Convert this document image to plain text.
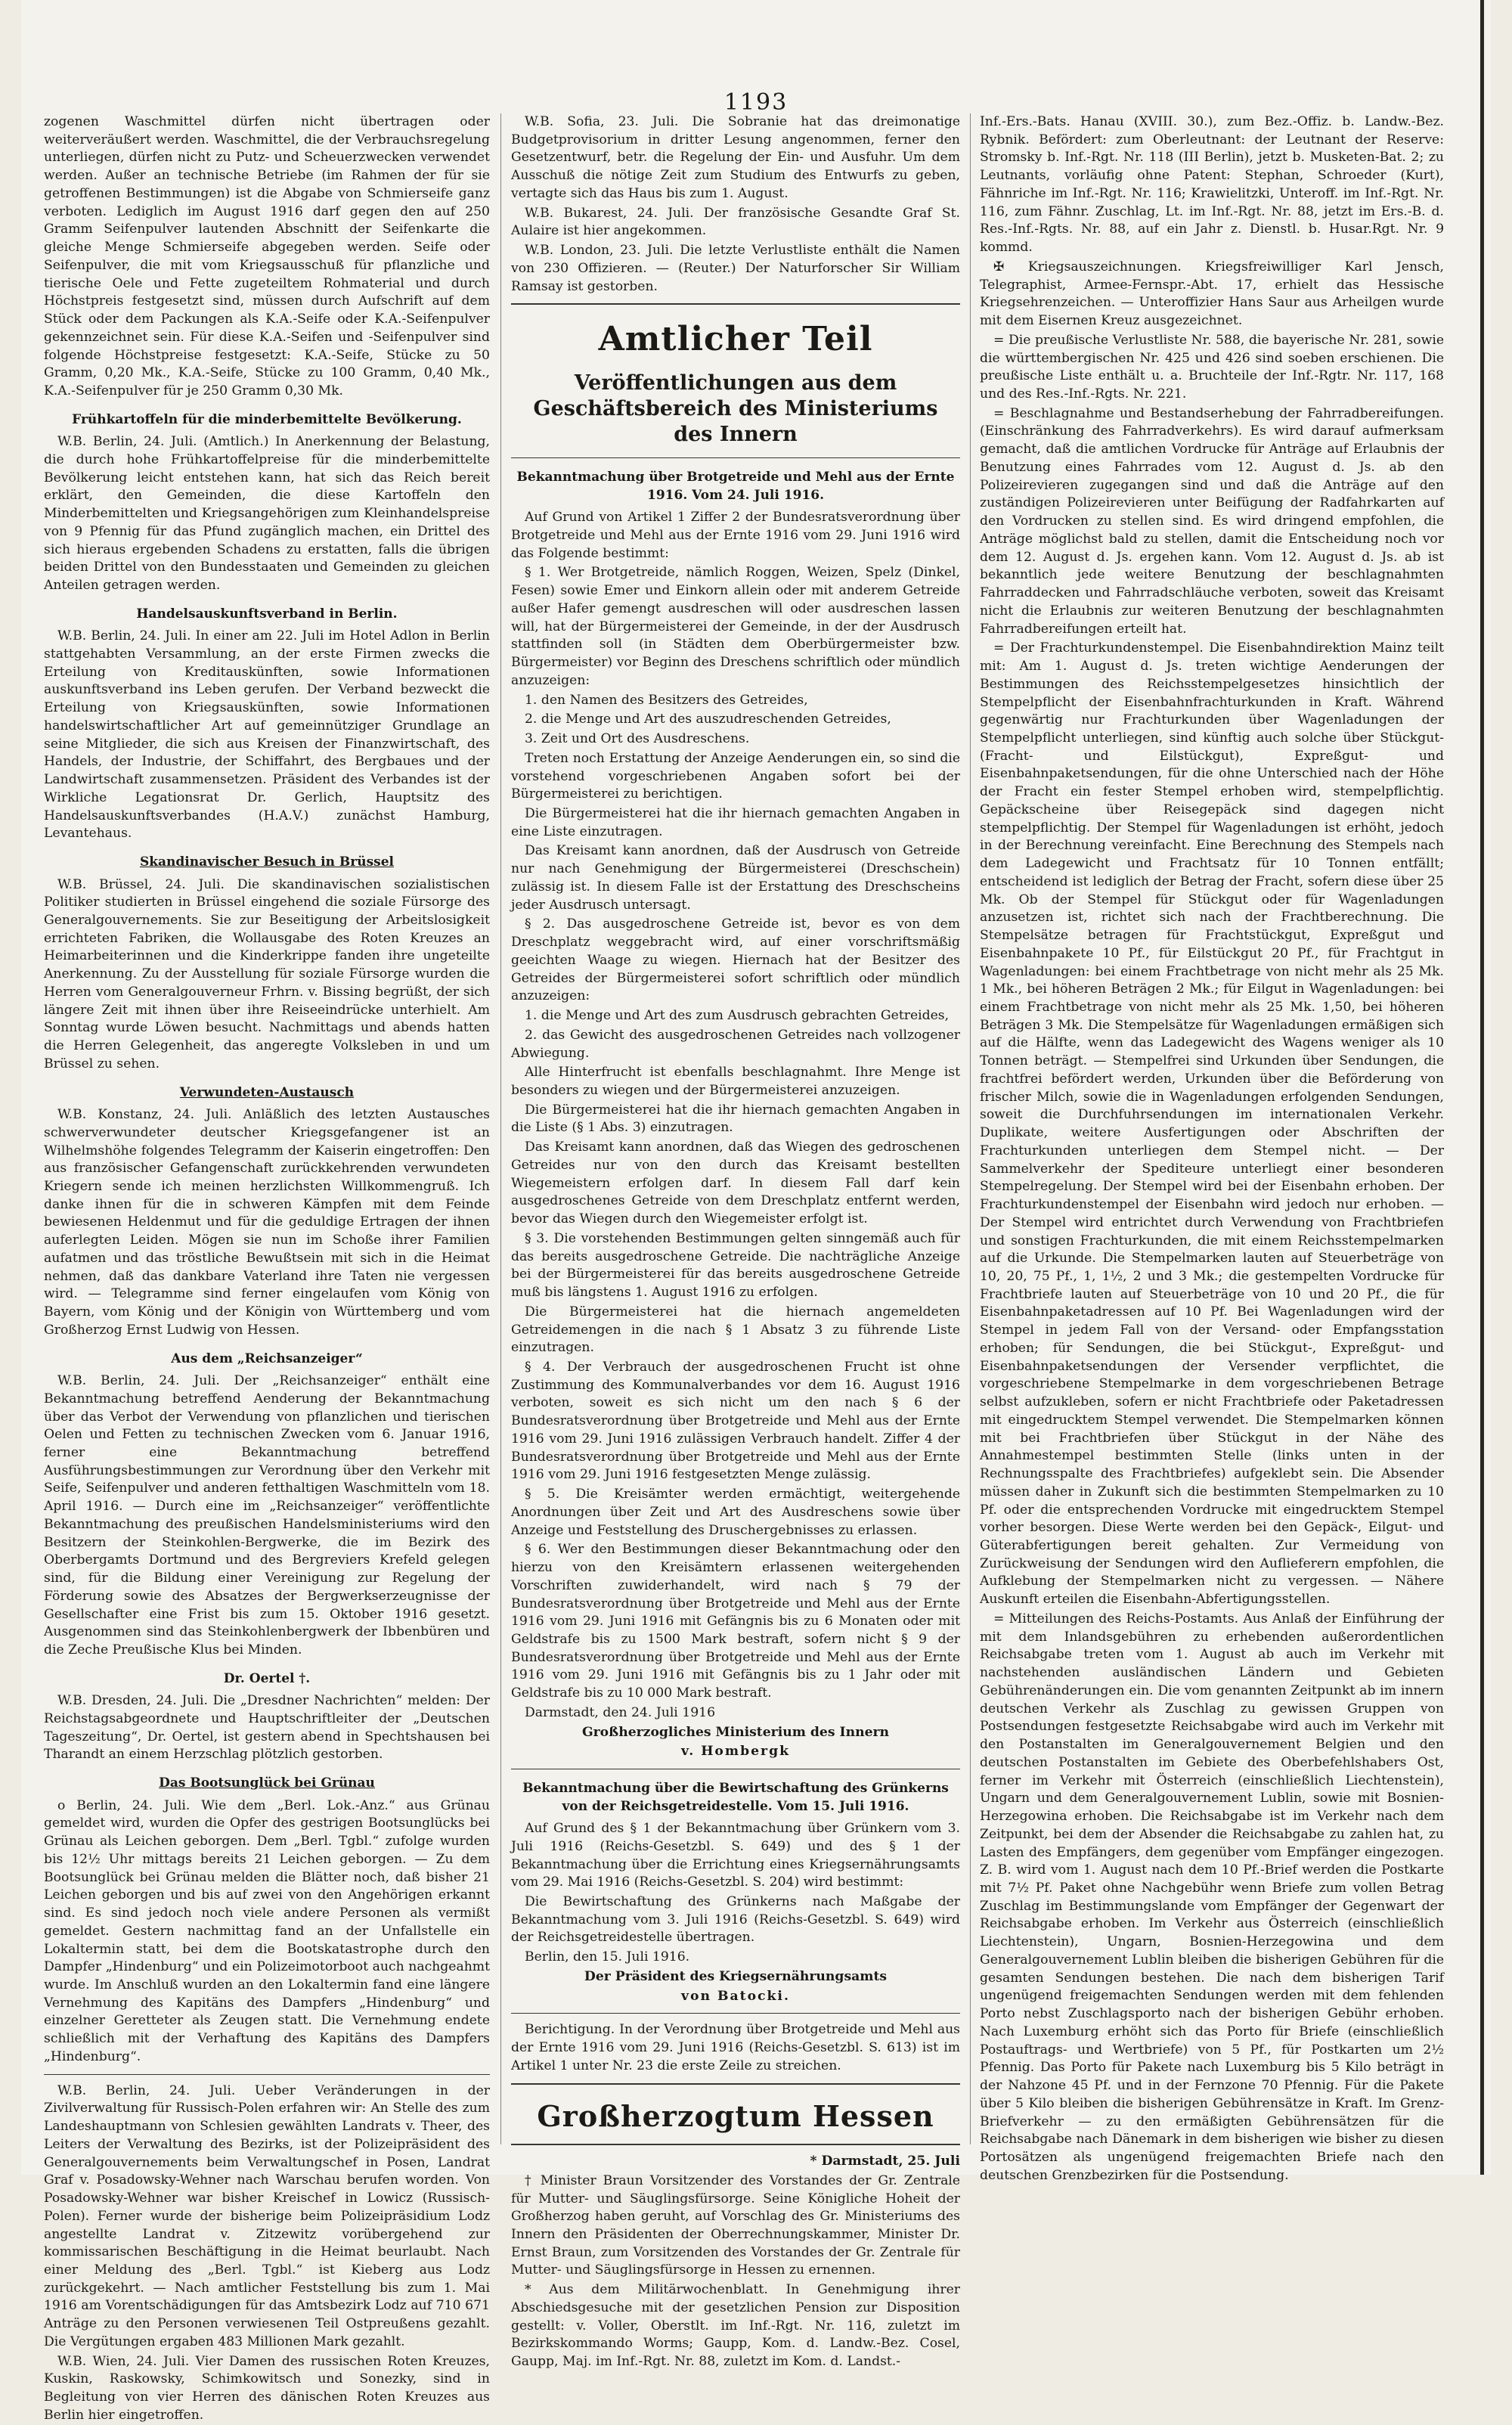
1193

zogenen Waschmittel dürfen nicht übertragen oder weiterveräußert werden. Waschmittel, die der Verbrauchsregelung unterliegen, dürfen nicht zu Putz- und Scheuerzwecken verwendet werden. Außer an technische Betriebe (im Rahmen der für sie getroffenen Bestimmungen) ist die Abgabe von Schmierseife ganz verboten. Lediglich im August 1916 darf gegen den auf 250 Gramm Seifenpulver lautenden Abschnitt der Seifenkarte die gleiche Menge Schmierseife abgegeben werden. Seife oder Seifenpulver, die mit vom Kriegsausschuß für pflanzliche und tierische Oele und Fette zugeteiltem Rohmaterial und durch Höchstpreis festgesetzt sind, müssen durch Aufschrift auf dem Stück oder dem Packungen als K.A.-Seife oder K.A.-Seifenpulver gekennzeichnet sein. Für diese K.A.-Seifen und -Seifenpulver sind folgende Höchstpreise festgesetzt: K.A.-Seife, Stücke zu 50 Gramm, 0,20 Mk., K.A.-Seife, Stücke zu 100 Gramm, 0,40 Mk., K.A.-Seifenpulver für je 250 Gramm 0,30 Mk.

Frühkartoffeln für die minderbemittelte Bevölkerung.

W.B. Berlin, 24. Juli. (Amtlich.) In Anerkennung der Belastung, die durch hohe Frühkartoffelpreise für die minderbemittelte Bevölkerung leicht entstehen kann, hat sich das Reich bereit erklärt, den Gemeinden, die diese Kartoffeln den Minderbemittelten und Kriegsangehörigen zum Kleinhandelspreise von 9 Pfennig für das Pfund zugänglich machen, ein Drittel des sich hieraus ergebenden Schadens zu erstatten, falls die übrigen beiden Drittel von den Bundesstaaten und Gemeinden zu gleichen Anteilen getragen werden.

Handelsauskunftsverband in Berlin.

W.B. Berlin, 24. Juli. In einer am 22. Juli im Hotel Adlon in Berlin stattgehabten Versammlung, an der erste Firmen zwecks die Erteilung von Kreditauskünften, sowie Informationen auskunftsverband ins Leben gerufen. Der Verband bezweckt die Erteilung von Kriegsauskünften, sowie Informationen handelswirtschaftlicher Art auf gemeinnütziger Grundlage an seine Mitglieder, die sich aus Kreisen der Finanzwirtschaft, des Handels, der Industrie, der Schiffahrt, des Bergbaues und der Landwirtschaft zusammensetzen. Präsident des Verbandes ist der Wirkliche Legationsrat Dr. Gerlich, Hauptsitz des Handelsauskunftsverbandes (H.A.V.) zunächst Hamburg, Levantehaus.

Skandinavischer Besuch in Brüssel

W.B. Brüssel, 24. Juli. Die skandinavischen sozialistischen Politiker studierten in Brüssel eingehend die soziale Fürsorge des Generalgouvernements. Sie zur Beseitigung der Arbeitslosigkeit errichteten Fabriken, die Wollausgabe des Roten Kreuzes an Heimarbeiterinnen und die Kinderkrippe fanden ihre ungeteilte Anerkennung. Zu der Ausstellung für soziale Fürsorge wurden die Herren vom Generalgouverneur Frhrn. v. Bissing begrüßt, der sich längere Zeit mit ihnen über ihre Reiseeindrücke unterhielt. Am Sonntag wurde Löwen besucht. Nachmittags und abends hatten die Herren Gelegenheit, das angeregte Volksleben in und um Brüssel zu sehen.

Verwundeten-Austausch

W.B. Konstanz, 24. Juli. Anläßlich des letzten Austausches schwerverwundeter deutscher Kriegsgefangener ist an Wilhelmshöhe folgendes Telegramm der Kaiserin eingetroffen: Den aus französischer Gefangenschaft zurückkehrenden verwundeten Kriegern sende ich meinen herzlichsten Willkommengruß. Ich danke ihnen für die in schweren Kämpfen mit dem Feinde bewiesenen Heldenmut und für die geduldige Ertragen der ihnen auferlegten Leiden. Mögen sie nun im Schoße ihrer Familien aufatmen und das tröstliche Bewußtsein mit sich in die Heimat nehmen, daß das dankbare Vaterland ihre Taten nie vergessen wird. — Telegramme sind ferner eingelaufen vom König von Bayern, vom König und der Königin von Württemberg und vom Großherzog Ernst Ludwig von Hessen.

Aus dem „Reichsanzeiger“

W.B. Berlin, 24. Juli. Der „Reichsanzeiger“ enthält eine Bekanntmachung betreffend Aenderung der Bekanntmachung über das Verbot der Verwendung von pflanzlichen und tierischen Oelen und Fetten zu technischen Zwecken vom 6. Januar 1916, ferner eine Bekanntmachung betreffend Ausführungsbestimmungen zur Verordnung über den Verkehr mit Seife, Seifenpulver und anderen fetthaltigen Waschmitteln vom 18. April 1916. — Durch eine im „Reichsanzeiger“ veröffentlichte Bekanntmachung des preußischen Handelsministeriums wird den Besitzern der Steinkohlen-Bergwerke, die im Bezirk des Oberbergamts Dortmund und des Bergreviers Krefeld gelegen sind, für die Bildung einer Vereinigung zur Regelung der Förderung sowie des Absatzes der Bergwerkserzeugnisse der Gesellschafter eine Frist bis zum 15. Oktober 1916 gesetzt. Ausgenommen sind das Steinkohlenbergwerk der Ibbenbüren und die Zeche Preußische Klus bei Minden.

Dr. Oertel †.

W.B. Dresden, 24. Juli. Die „Dresdner Nachrichten“ melden: Der Reichstagsabgeordnete und Hauptschriftleiter der „Deutschen Tageszeitung“, Dr. Oertel, ist gestern abend in Spechtshausen bei Tharandt an einem Herzschlag plötzlich gestorben.

Das Bootsunglück bei Grünau

o Berlin, 24. Juli. Wie dem „Berl. Lok.-Anz.“ aus Grünau gemeldet wird, wurden die Opfer des gestrigen Bootsunglücks bei Grünau als Leichen geborgen. Dem „Berl. Tgbl.“ zufolge wurden bis 12½ Uhr mittags bereits 21 Leichen geborgen. — Zu dem Bootsunglück bei Grünau melden die Blätter noch, daß bisher 21 Leichen geborgen und bis auf zwei von den Angehörigen erkannt sind. Es sind jedoch noch viele andere Personen als vermißt gemeldet. Gestern nachmittag fand an der Unfallstelle ein Lokaltermin statt, bei dem die Bootskatastrophe durch den Dampfer „Hindenburg“ und ein Polizeimotorboot auch nachgeahmt wurde. Im Anschluß wurden an den Lokaltermin fand eine längere Vernehmung des Kapitäns des Dampfers „Hindenburg“ und einzelner Geretteter als Zeugen statt. Die Vernehmung endete schließlich mit der Verhaftung des Kapitäns des Dampfers „Hindenburg“.

W.B. Berlin, 24. Juli. Ueber Veränderungen in der Zivilverwaltung für Russisch-Polen erfahren wir: An Stelle des zum Landeshauptmann von Schlesien gewählten Landrats v. Theer, des Leiters der Verwaltung des Bezirks, ist der Polizeipräsident des Generalgouvernements beim Verwaltungschef in Posen, Landrat Graf v. Posadowsky-Wehner nach Warschau berufen worden. Von Posadowsky-Wehner war bisher Kreischef in Lowicz (Russisch-Polen). Ferner wurde der bisherige beim Polizeipräsidium Lodz angestellte Landrat v. Zitzewitz vorübergehend zur kommissarischen Beschäftigung in die Heimat beurlaubt. Nach einer Meldung des „Berl. Tgbl.“ ist Kieberg aus Lodz zurückgekehrt. — Nach amtlicher Feststellung bis zum 1. Mai 1916 am Vorentschädigungen für das Amtsbezirk Lodz auf 710 671 Anträge zu den Personen verwiesenen Teil Ostpreußens gezahlt. Die Vergütungen ergaben 483 Millionen Mark gezahlt.

W.B. Wien, 24. Juli. Vier Damen des russischen Roten Kreuzes, Kuskin, Raskowsky, Schimkowitsch und Sonezky, sind in Begleitung von vier Herren des dänischen Roten Kreuzes aus Berlin hier eingetroffen.

W.B. Sofia, 23. Juli. Die Sobranie hat das dreimonatige Budgetprovisorium in dritter Lesung angenommen, ferner den Gesetzentwurf, betr. die Regelung der Ein- und Ausfuhr. Um dem Ausschuß die nötige Zeit zum Studium des Entwurfs zu geben, vertagte sich das Haus bis zum 1. August.

W.B. Bukarest, 24. Juli. Der französische Gesandte Graf St. Aulaire ist hier angekommen.

W.B. London, 23. Juli. Die letzte Verlustliste enthält die Namen von 230 Offizieren. — (Reuter.) Der Naturforscher Sir William Ramsay ist gestorben.

Amtlicher Teil
Veröffentlichungen aus dem Geschäftsbereich des Ministeriums des Innern

Bekanntmachung über Brotgetreide und Mehl aus der Ernte 1916. Vom 24. Juli 1916.

Auf Grund von Artikel 1 Ziffer 2 der Bundesratsverordnung über Brotgetreide und Mehl aus der Ernte 1916 vom 29. Juni 1916 wird das Folgende bestimmt:

§ 1. Wer Brotgetreide, nämlich Roggen, Weizen, Spelz (Dinkel, Fesen) sowie Emer und Einkorn allein oder mit anderem Getreide außer Hafer gemengt ausdreschen will oder ausdreschen lassen will, hat der Bürgermeisterei der Gemeinde, in der der Ausdrusch stattfinden soll (in Städten dem Oberbürgermeister bzw. Bürgermeister) vor Beginn des Dreschens schriftlich oder mündlich anzuzeigen:

1. den Namen des Besitzers des Getreides,

2. die Menge und Art des auszudreschenden Getreides,

3. Zeit und Ort des Ausdreschens.

Treten noch Erstattung der Anzeige Aenderungen ein, so sind die vorstehend vorgeschriebenen Angaben sofort bei der Bürgermeisterei zu berichtigen.

Die Bürgermeisterei hat die ihr hiernach gemachten Angaben in eine Liste einzutragen.

Das Kreisamt kann anordnen, daß der Ausdrusch von Getreide nur nach Genehmigung der Bürgermeisterei (Dreschschein) zulässig ist. In diesem Falle ist der Erstattung des Dreschscheins jeder Ausdrusch untersagt.

§ 2. Das ausgedroschene Getreide ist, bevor es von dem Dreschplatz weggebracht wird, auf einer vorschriftsmäßig geeichten Waage zu wiegen. Hiernach hat der Besitzer des Getreides der Bürgermeisterei sofort schriftlich oder mündlich anzuzeigen:

1. die Menge und Art des zum Ausdrusch gebrachten Getreides,

2. das Gewicht des ausgedroschenen Getreides nach vollzogener Abwiegung.

Alle Hinterfrucht ist ebenfalls beschlagnahmt. Ihre Menge ist besonders zu wiegen und der Bürgermeisterei anzuzeigen.

Die Bürgermeisterei hat die ihr hiernach gemachten Angaben in die Liste (§ 1 Abs. 3) einzutragen.

Das Kreisamt kann anordnen, daß das Wiegen des gedroschenen Getreides nur von den durch das Kreisamt bestellten Wiegemeistern erfolgen darf. In diesem Fall darf kein ausgedroschenes Getreide von dem Dreschplatz entfernt werden, bevor das Wiegen durch den Wiegemeister erfolgt ist.

§ 3. Die vorstehenden Bestimmungen gelten sinngemäß auch für das bereits ausgedroschene Getreide. Die nachträgliche Anzeige bei der Bürgermeisterei für das bereits ausgedroschene Getreide muß bis längstens 1. August 1916 zu erfolgen.

Die Bürgermeisterei hat die hiernach angemeldeten Getreidemengen in die nach § 1 Absatz 3 zu führende Liste einzutragen.

§ 4. Der Verbrauch der ausgedroschenen Frucht ist ohne Zustimmung des Kommunalverbandes vor dem 16. August 1916 verboten, soweit es sich nicht um den nach § 6 der Bundesratsverordnung über Brotgetreide und Mehl aus der Ernte 1916 vom 29. Juni 1916 zulässigen Verbrauch handelt. Ziffer 4 der Bundesratsverordnung über Brotgetreide und Mehl aus der Ernte 1916 vom 29. Juni 1916 festgesetzten Menge zulässig.

§ 5. Die Kreisämter werden ermächtigt, weitergehende Anordnungen über Zeit und Art des Ausdreschens sowie über Anzeige und Feststellung des Druschergebnisses zu erlassen.

§ 6. Wer den Bestimmungen dieser Bekanntmachung oder den hierzu von den Kreisämtern erlassenen weitergehenden Vorschriften zuwiderhandelt, wird nach § 79 der Bundesratsverordnung über Brotgetreide und Mehl aus der Ernte 1916 vom 29. Juni 1916 mit Gefängnis bis zu 6 Monaten oder mit Geldstrafe bis zu 1500 Mark bestraft, sofern nicht § 9 der Bundesratsverordnung über Brotgetreide und Mehl aus der Ernte 1916 vom 29. Juni 1916 mit Gefängnis bis zu 1 Jahr oder mit Geldstrafe bis zu 10 000 Mark bestraft.

Darmstadt, den 24. Juli 1916

Großherzogliches Ministerium des Innern

v. Hombergk

Bekanntmachung über die Bewirtschaftung des Grünkerns von der Reichsgetreidestelle. Vom 15. Juli 1916.

Auf Grund des § 1 der Bekanntmachung über Grünkern vom 3. Juli 1916 (Reichs-Gesetzbl. S. 649) und des § 1 der Bekanntmachung über die Errichtung eines Kriegsernährungsamts vom 29. Mai 1916 (Reichs-Gesetzbl. S. 204) wird bestimmt:

Die Bewirtschaftung des Grünkerns nach Maßgabe der Bekanntmachung vom 3. Juli 1916 (Reichs-Gesetzbl. S. 649) wird der Reichsgetreidestelle übertragen.

Berlin, den 15. Juli 1916.

Der Präsident des Kriegsernährungsamts

von Batocki.

Berichtigung. In der Verordnung über Brotgetreide und Mehl aus der Ernte 1916 vom 29. Juni 1916 (Reichs-Gesetzbl. S. 613) ist im Artikel 1 unter Nr. 23 die erste Zeile zu streichen.

Großherzogtum Hessen

* Darmstadt, 25. Juli

† Minister Braun Vorsitzender des Vorstandes der Gr. Zentrale für Mutter- und Säuglingsfürsorge. Seine Königliche Hoheit der Großherzog haben geruht, auf Vorschlag des Gr. Ministeriums des Innern den Präsidenten der Oberrechnungskammer, Minister Dr. Ernst Braun, zum Vorsitzenden des Vorstandes der Gr. Zentrale für Mutter- und Säuglingsfürsorge in Hessen zu ernennen.

* Aus dem Militärwochenblatt. In Genehmigung ihrer Abschiedsgesuche mit der gesetzlichen Pension zur Disposition gestellt: v. Voller, Oberstlt. im Inf.-Rgt. Nr. 116, zuletzt im Bezirkskommando Worms; Gaupp, Kom. d. Landw.-Bez. Cosel, Gaupp, Maj. im Inf.-Rgt. Nr. 88, zuletzt im Kom. d. Landst.-

Inf.-Ers.-Bats. Hanau (XVIII. 30.), zum Bez.-Offiz. b. Landw.-Bez. Rybnik. Befördert: zum Oberleutnant: der Leutnant der Reserve: Stromsky b. Inf.-Rgt. Nr. 118 (III Berlin), jetzt b. Musketen-Bat. 2; zu Leutnants, vorläufig ohne Patent: Stephan, Schroeder (Kurt), Fähnriche im Inf.-Rgt. Nr. 116; Krawielitzki, Unteroff. im Inf.-Rgt. Nr. 116, zum Fähnr. Zuschlag, Lt. im Inf.-Rgt. Nr. 88, jetzt im Ers.-B. d. Res.-Inf.-Rgts. Nr. 88, auf ein Jahr z. Dienstl. b. Husar.Rgt. Nr. 9 kommd.

✠ Kriegsauszeichnungen. Kriegsfreiwilliger Karl Jensch, Telegraphist, Armee-Fernspr.-Abt. 17, erhielt das Hessische Kriegsehrenzeichen. — Unteroffizier Hans Saur aus Arheilgen wurde mit dem Eisernen Kreuz ausgezeichnet.

= Die preußische Verlustliste Nr. 588, die bayerische Nr. 281, sowie die württembergischen Nr. 425 und 426 sind soeben erschienen. Die preußische Liste enthält u. a. Bruchteile der Inf.-Rgtr. Nr. 117, 168 und des Res.-Inf.-Rgts. Nr. 221.

= Beschlagnahme und Bestandserhebung der Fahrradbereifungen. (Einschränkung des Fahrradverkehrs). Es wird darauf aufmerksam gemacht, daß die amtlichen Vordrucke für Anträge auf Erlaubnis der Benutzung eines Fahrrades vom 12. August d. Js. ab den Polizeirevieren zugegangen sind und daß die Anträge auf den zuständigen Polizeirevieren unter Beifügung der Radfahrkarten auf den Vordrucken zu stellen sind. Es wird dringend empfohlen, die Anträge möglichst bald zu stellen, damit die Entscheidung noch vor dem 12. August d. Js. ergehen kann. Vom 12. August d. Js. ab ist bekanntlich jede weitere Benutzung der beschlagnahmten Fahrraddecken und Fahrradschläuche verboten, soweit das Kreisamt nicht die Erlaubnis zur weiteren Benutzung der beschlagnahmten Fahrradbereifungen erteilt hat.

= Der Frachturkundenstempel. Die Eisenbahndirektion Mainz teilt mit: Am 1. August d. Js. treten wichtige Aenderungen der Bestimmungen des Reichsstempelgesetzes hinsichtlich der Stempelpflicht der Eisenbahnfrachturkunden in Kraft. Während gegenwärtig nur Frachturkunden über Wagenladungen der Stempelpflicht unterliegen, sind künftig auch solche über Stückgut- (Fracht- und Eilstückgut), Expreßgut- und Eisenbahnpaketsendungen, für die ohne Unterschied nach der Höhe der Fracht ein fester Stempel erhoben wird, stempelpflichtig. Gepäckscheine über Reisegepäck sind dagegen nicht stempelpflichtig. Der Stempel für Wagenladungen ist erhöht, jedoch in der Berechnung vereinfacht. Eine Berechnung des Stempels nach dem Ladegewicht und Frachtsatz für 10 Tonnen entfällt; entscheidend ist lediglich der Betrag der Fracht, sofern diese über 25 Mk. Ob der Stempel für Stückgut oder für Wagenladungen anzusetzen ist, richtet sich nach der Frachtberechnung. Die Stempelsätze betragen für Frachtstückgut, Expreßgut und Eisenbahnpakete 10 Pf., für Eilstückgut 20 Pf., für Frachtgut in Wagenladungen: bei einem Frachtbetrage von nicht mehr als 25 Mk. 1 Mk., bei höheren Beträgen 2 Mk.; für Eilgut in Wagenladungen: bei einem Frachtbetrage von nicht mehr als 25 Mk. 1,50, bei höheren Beträgen 3 Mk. Die Stempelsätze für Wagenladungen ermäßigen sich auf die Hälfte, wenn das Ladegewicht des Wagens weniger als 10 Tonnen beträgt. — Stempelfrei sind Urkunden über Sendungen, die frachtfrei befördert werden, Urkunden über die Beförderung von frischer Milch, sowie die in Wagenladungen erfolgenden Sendungen, soweit die Durchfuhrsendungen im internationalen Verkehr. Duplikate, weitere Ausfertigungen oder Abschriften der Frachturkunden unterliegen dem Stempel nicht. — Der Sammelverkehr der Spediteure unterliegt einer besonderen Stempelregelung. Der Stempel wird bei der Eisenbahn erhoben. Der Frachturkundenstempel der Eisenbahn wird jedoch nur erhoben. — Der Stempel wird entrichtet durch Verwendung von Frachtbriefen und sonstigen Frachturkunden, die mit einem Reichsstempelmarken auf die Urkunde. Die Stempelmarken lauten auf Steuerbeträge von 10, 20, 75 Pf., 1, 1½, 2 und 3 Mk.; die gestempelten Vordrucke für Frachtbriefe lauten auf Steuerbeträge von 10 und 20 Pf., die für Eisenbahnpaketadressen auf 10 Pf. Bei Wagenladungen wird der Stempel in jedem Fall von der Versand- oder Empfangsstation erhoben; für Sendungen, die bei Stückgut-, Expreßgut- und Eisenbahnpaketsendungen der Versender verpflichtet, die vorgeschriebene Stempelmarke in dem vorgeschriebenen Betrage selbst aufzukleben, sofern er nicht Frachtbriefe oder Paketadressen mit eingedrucktem Stempel verwendet. Die Stempelmarken können mit bei Frachtbriefen über Stückgut in der Nähe des Annahmestempel bestimmten Stelle (links unten in der Rechnungsspalte des Frachtbriefes) aufgeklebt sein. Die Absender müssen daher in Zukunft sich die bestimmten Stempelmarken zu 10 Pf. oder die entsprechenden Vordrucke mit eingedrucktem Stempel vorher besorgen. Diese Werte werden bei den Gepäck-, Eilgut- und Güterabfertigungen bereit gehalten. Zur Vermeidung von Zurückweisung der Sendungen wird den Auflieferern empfohlen, die Aufklebung der Stempelmarken nicht zu vergessen. — Nähere Auskunft erteilen die Eisenbahn-Abfertigungsstellen.

= Mitteilungen des Reichs-Postamts. Aus Anlaß der Einführung der mit dem Inlandsgebühren zu erhebenden außerordentlichen Reichsabgabe treten vom 1. August ab auch im Verkehr mit nachstehenden ausländischen Ländern und Gebieten Gebührenänderungen ein. Die vom genannten Zeitpunkt ab im innern deutschen Verkehr als Zuschlag zu gewissen Gruppen von Postsendungen festgesetzte Reichsabgabe wird auch im Verkehr mit den Postanstalten im Generalgouvernement Belgien und den deutschen Postanstalten im Gebiete des Oberbefehlshabers Ost, ferner im Verkehr mit Österreich (einschließlich Liechtenstein), Ungarn und dem Generalgouvernement Lublin, sowie mit Bosnien-Herzegowina erhoben. Die Reichsabgabe ist im Verkehr nach dem Zeitpunkt, bei dem der Absender die Reichsabgabe zu zahlen hat, zu Lasten des Empfängers, dem gegenüber vom Empfänger eingezogen. Z. B. wird vom 1. August nach dem 10 Pf.-Brief werden die Postkarte mit 7½ Pf. Paket ohne Nachgebühr wenn Briefe zum vollen Betrag Zuschlag im Bestimmungslande vom Empfänger der Gegenwart der Reichsabgabe erhoben. Im Verkehr aus Österreich (einschließlich Liechtenstein), Ungarn, Bosnien-Herzegowina und dem Generalgouvernement Lublin bleiben die bisherigen Gebühren für die gesamten Sendungen bestehen. Die nach dem bisherigen Tarif ungenügend freigemachten Sendungen werden mit dem fehlenden Porto nebst Zuschlagsporto nach der bisherigen Gebühr erhoben. Nach Luxemburg erhöht sich das Porto für Briefe (einschließlich Postauftrags- und Wertbriefe) von 5 Pf., für Postkarten um 2½ Pfennig. Das Porto für Pakete nach Luxemburg bis 5 Kilo beträgt in der Nahzone 45 Pf. und in der Fernzone 70 Pfennig. Für die Pakete über 5 Kilo bleiben die bisherigen Gebührensätze in Kraft. Im Grenz-Briefverkehr — zu den ermäßigten Gebührensätzen für die Reichsabgabe nach Dänemark in dem bisherigen wie bisher zu diesen Portosätzen als ungenügend freigemachten Briefe nach den deutschen Grenzbezirken für die Postsendung.
